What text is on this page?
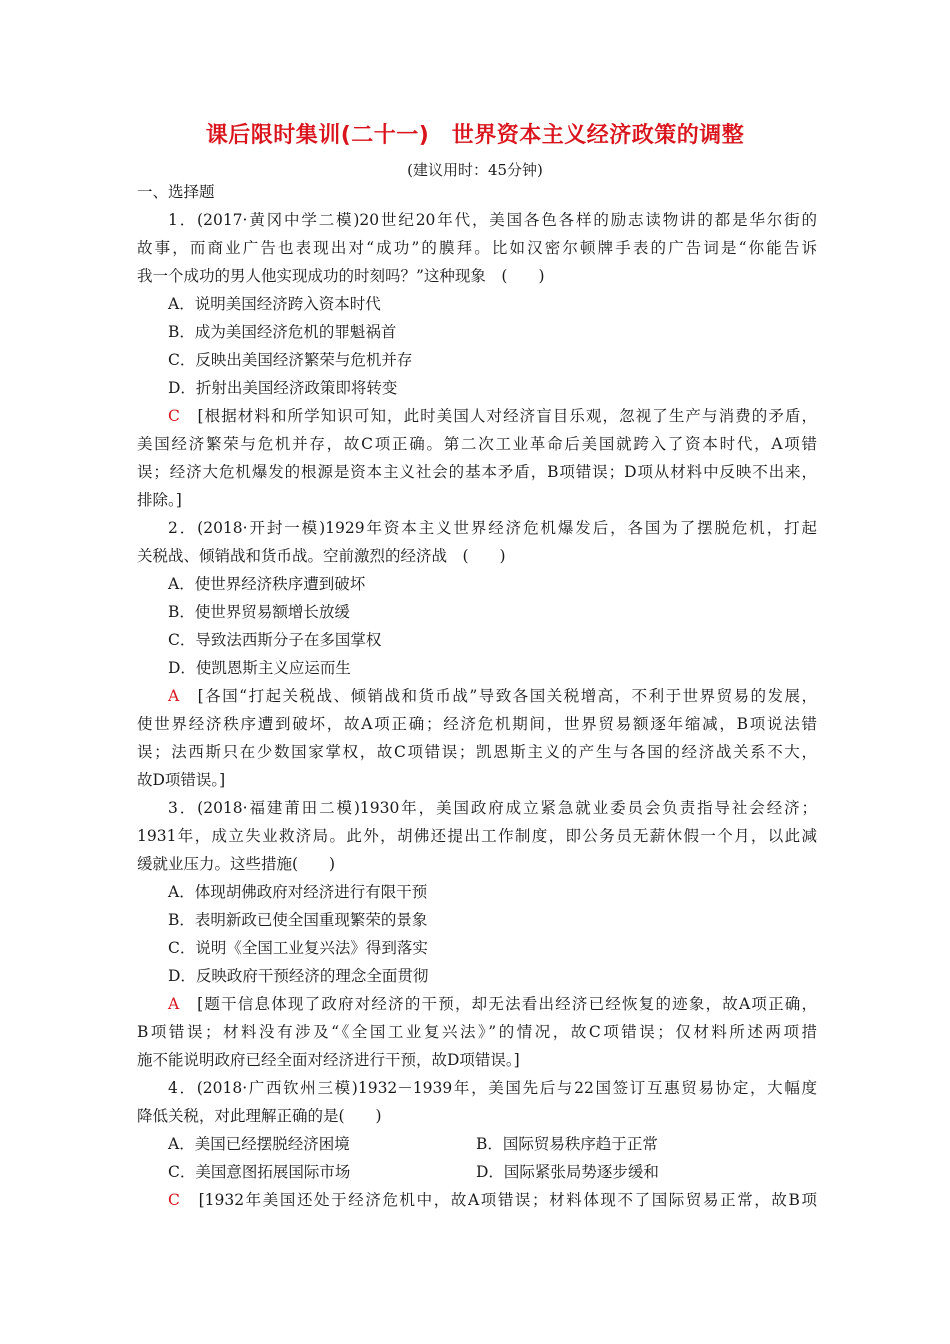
课后限时集训(二十一)　世界资本主义经济政策的调整
(建议用时：45分钟)
一、选择题
1．(2017·黄冈中学二模)20世纪20年代，美国各色各样的励志读物讲的都是华尔街的
故事，而商业广告也表现出对“成功”的膜拜。比如汉密尔顿牌手表的广告词是“你能告诉
我一个成功的男人他实现成功的时刻吗？”这种现象　(　　)
A．说明美国经济跨入资本时代
B．成为美国经济危机的罪魁祸首
C．反映出美国经济繁荣与危机并存
D．折射出美国经济政策即将转变
C　[根据材料和所学知识可知，此时美国人对经济盲目乐观，忽视了生产与消费的矛盾，
美国经济繁荣与危机并存，故C项正确。第二次工业革命后美国就跨入了资本时代，A项错
误；经济大危机爆发的根源是资本主义社会的基本矛盾，B项错误；D项从材料中反映不出来，
排除。]
2．(2018·开封一模)1929年资本主义世界经济危机爆发后，各国为了摆脱危机，打起
关税战、倾销战和货币战。空前激烈的经济战　(　　)
A．使世界经济秩序遭到破坏
B．使世界贸易额增长放缓
C．导致法西斯分子在多国掌权
D．使凯恩斯主义应运而生
A　[各国“打起关税战、倾销战和货币战”导致各国关税增高，不利于世界贸易的发展，
使世界经济秩序遭到破坏，故A项正确；经济危机期间，世界贸易额逐年缩减，B项说法错
误；法西斯只在少数国家掌权，故C项错误；凯恩斯主义的产生与各国的经济战关系不大，
故D项错误。]
3．(2018·福建莆田二模)1930年，美国政府成立紧急就业委员会负责指导社会经济；
1931年，成立失业救济局。此外，胡佛还提出工作制度，即公务员无薪休假一个月，以此减
缓就业压力。这些措施(　　)
A．体现胡佛政府对经济进行有限干预
B．表明新政已使全国重现繁荣的景象
C．说明《全国工业复兴法》得到落实
D．反映政府干预经济的理念全面贯彻
A　[题干信息体现了政府对经济的干预，却无法看出经济已经恢复的迹象，故A项正确，
B项错误；材料没有涉及“《全国工业复兴法》”的情况，故C项错误；仅材料所述两项措
施不能说明政府已经全面对经济进行干预，故D项错误。]
4．(2018·广西钦州三模)1932－1939年，美国先后与22国签订互惠贸易协定，大幅度
降低关税，对此理解正确的是(　　)
A．美国已经摆脱经济困境	B．国际贸易秩序趋于正常
C．美国意图拓展国际市场	D．国际紧张局势逐步缓和
C　[1932年美国还处于经济危机中，故A项错误；材料体现不了国际贸易正常，故B项
